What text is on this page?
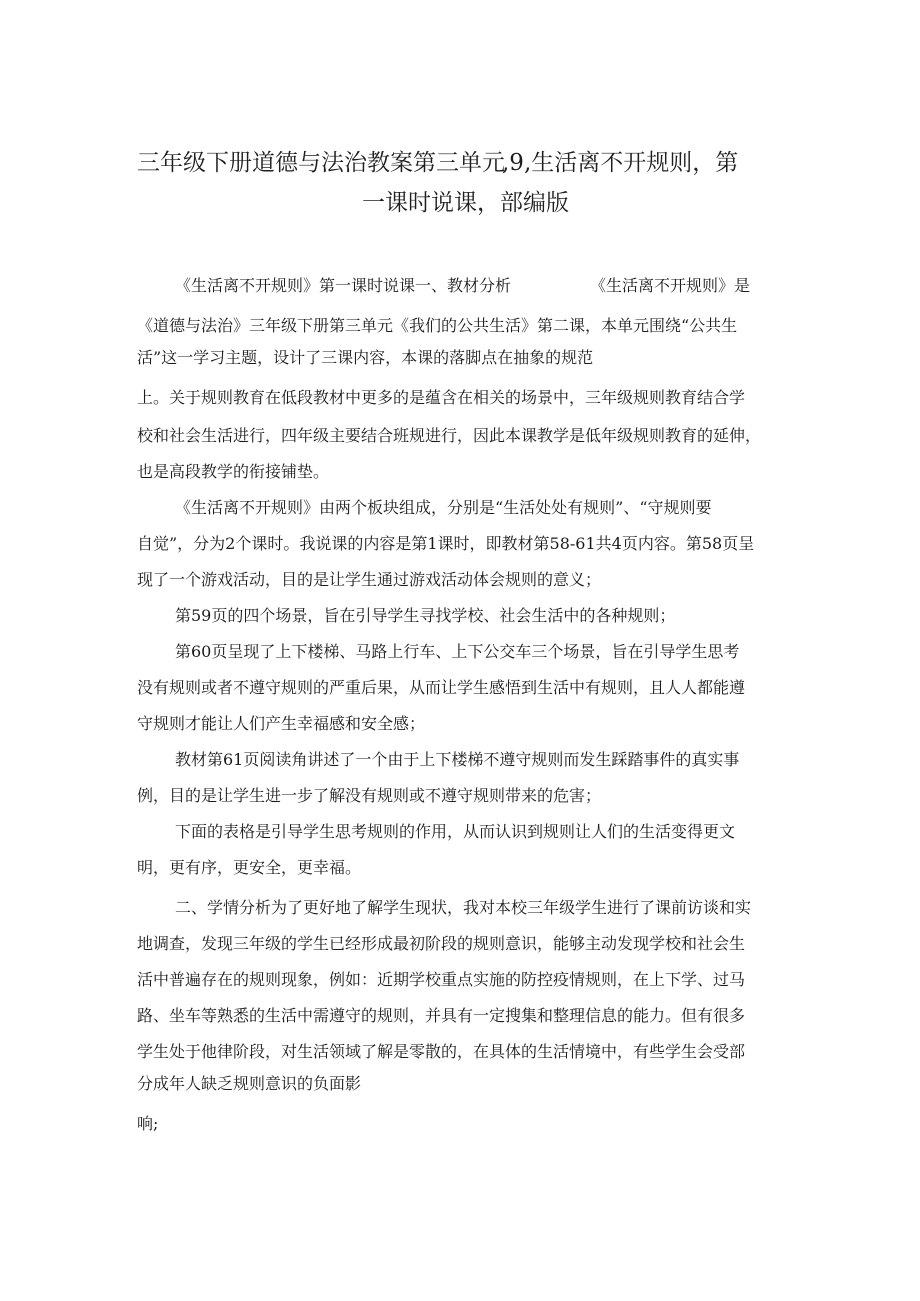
三年级下册道德与法治教案第三单元
,9,生活离不开规则，第
一课时说课，部编版
《生活离不开规则》第一课时说课一、教材分析	《生活离不开规则》是
《道德与法治》三年级下册第三单元《我们的公共生活》第二课，本单元围绕“公共生
活”这一学习主题，设计了三课内容，本课的落脚点在抽象的规范
上。关于规则教育在低段教材中更多的是蕴含在相关的场景中，三年级规则教育结合学
校和社会生活进行，四年级主要结合班规进行，因此本课教学是低年级规则教育的延伸，
也是高段教学的衔接铺垫。
《生活离不开规则》由两个板块组成，分别是“生活处处有规则”、“守规则要
自觉”，分为2个课时。我说课的内容是第1课时，即教材第58-61共4页内容。第58页呈
现了一个游戏活动，目的是让学生通过游戏活动体会规则的意义；
第59页的四个场景，旨在引导学生寻找学校、社会生活中的各种规则；
第60页呈现了上下楼梯、马路上行车、上下公交车三个场景，旨在引导学生思考
没有规则或者不遵守规则的严重后果，从而让学生感悟到生活中有规则，且人人都能遵
守规则才能让人们产生幸福感和安全感；
教材第61页阅读角讲述了一个由于上下楼梯不遵守规则而发生踩踏事件的真实事
例，目的是让学生进一步了解没有规则或不遵守规则带来的危害；
下面的表格是引导学生思考规则的作用，从而认识到规则让人们的生活变得更文
明，更有序，更安全，更幸福。
二、学情分析为了更好地了解学生现状，我对本校三年级学生进行了课前访谈和实
地调查，发现三年级的学生已经形成最初阶段的规则意识，能够主动发现学校和社会生
活中普遍存在的规则现象，例如：近期学校重点实施的防控疫情规则，在上下学、过马
路、坐车等熟悉的生活中需遵守的规则，并具有一定搜集和整理信息的能力。但有很多
学生处于他律阶段，对生活领域了解是零散的，在具体的生活情境中，有些学生会受部
分成年人缺乏规则意识的负面影
响;
